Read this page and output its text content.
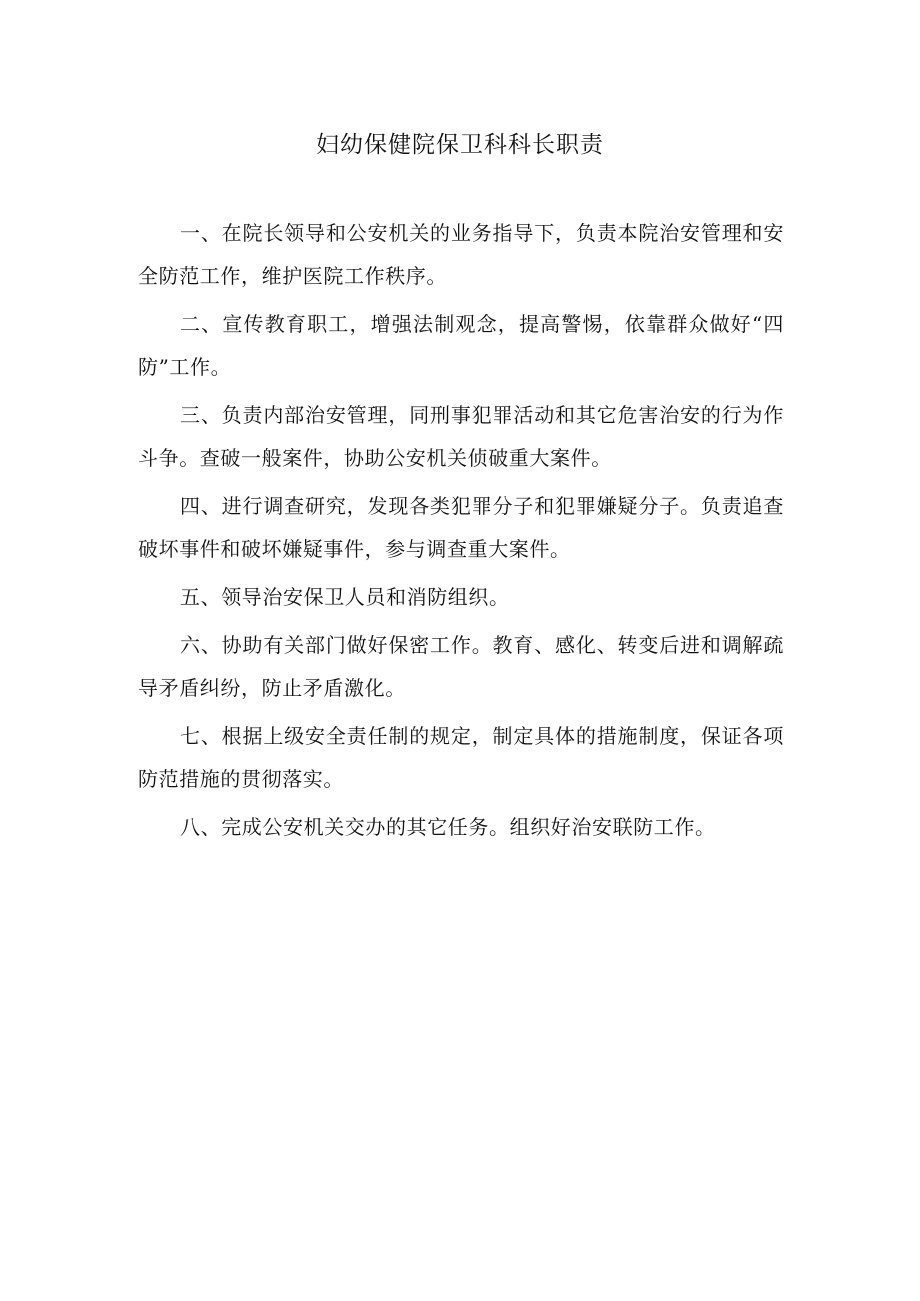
妇幼保健院保卫科科长职责

一、在院长领导和公安机关的业务指导下，负责本院治安管理和安全防范工作，维护医院工作秩序。

二、宣传教育职工，增强法制观念，提高警惕，依靠群众做好“四防”工作。

三、负责内部治安管理，同刑事犯罪活动和其它危害治安的行为作斗争。查破一般案件，协助公安机关侦破重大案件。

四、进行调查研究，发现各类犯罪分子和犯罪嫌疑分子。负责追查破坏事件和破坏嫌疑事件，参与调查重大案件。

五、领导治安保卫人员和消防组织。

六、协助有关部门做好保密工作。教育、感化、转变后进和调解疏导矛盾纠纷，防止矛盾激化。

七、根据上级安全责任制的规定，制定具体的措施制度，保证各项防范措施的贯彻落实。

八、完成公安机关交办的其它任务。组织好治安联防工作。
